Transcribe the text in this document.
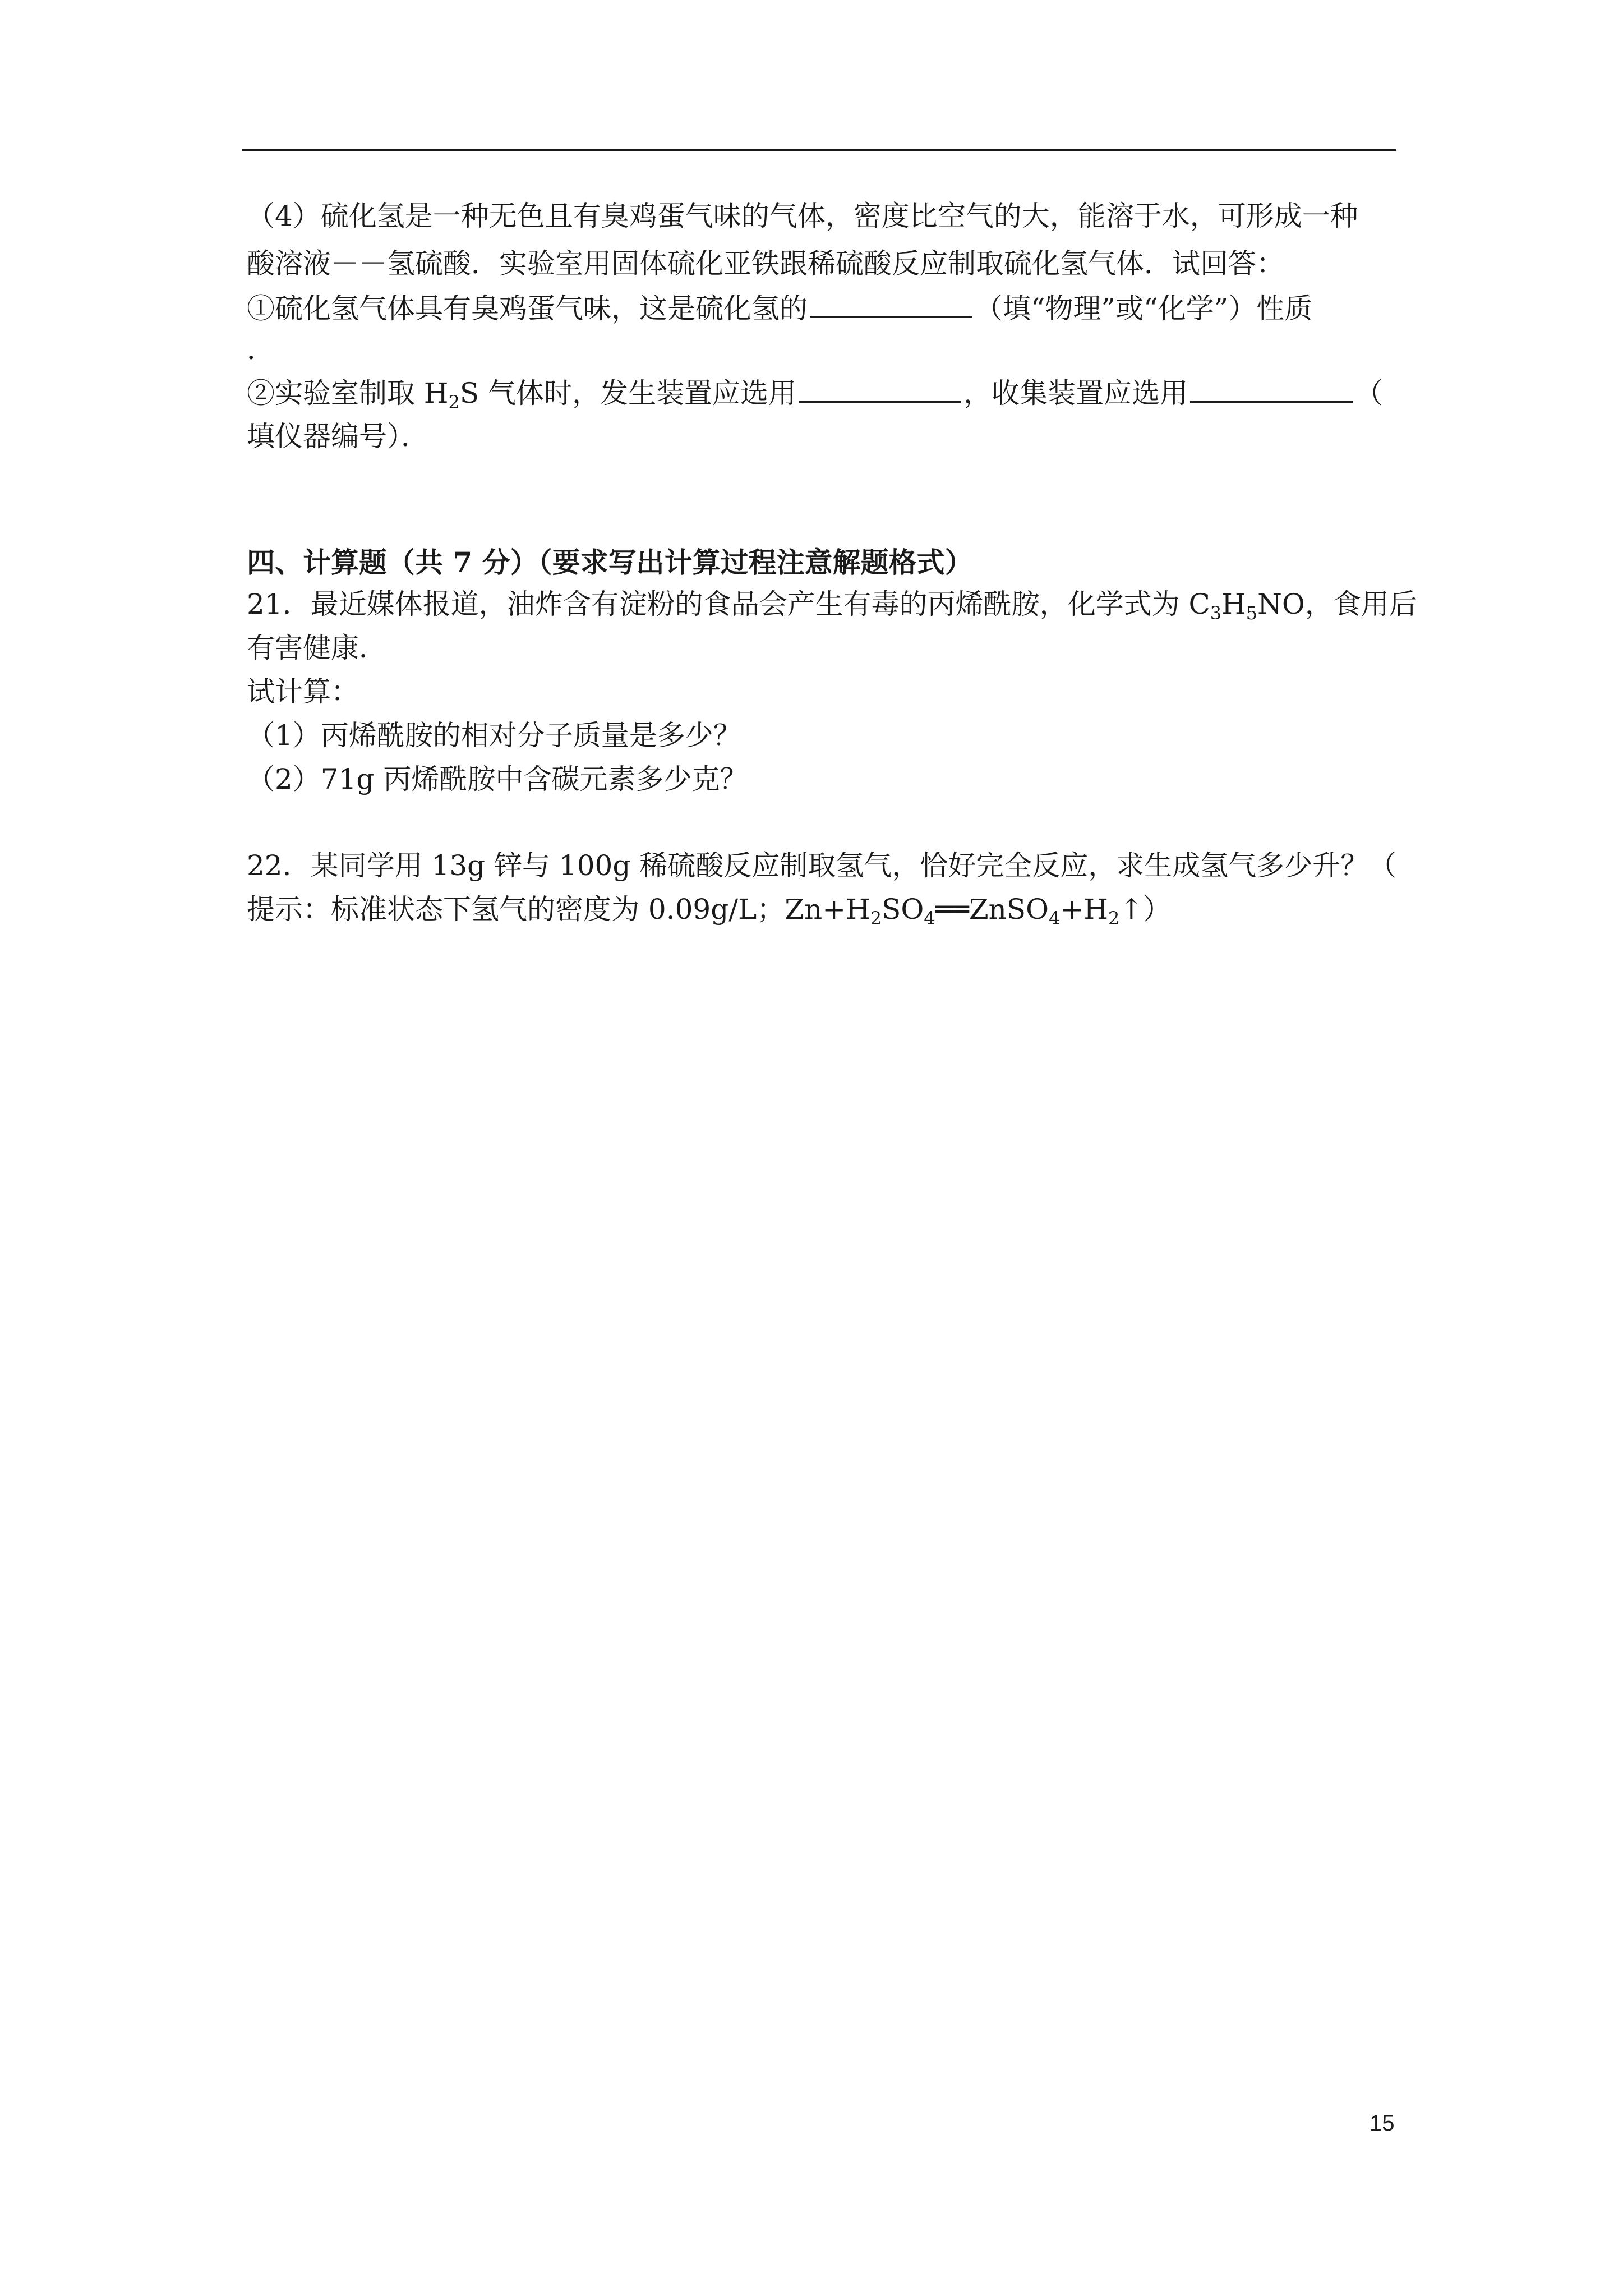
（4）硫化氢是一种无色且有臭鸡蛋气味的气体，密度比空气的大，能溶于水，可形成一种
酸溶液－－氢硫酸．实验室用固体硫化亚铁跟稀硫酸反应制取硫化氢气体．试回答：
①硫化氢气体具有臭鸡蛋气味，这是硫化氢的	（填“物理”或“化学”）性质
．
②实验室制取 $H_2S$ 气体时，发生装置应选用	，收集装置应选用	（
填仪器编号）．
四、计算题（共 7 分）（要求写出计算过程注意解题格式）
21．最近媒体报道，油炸含有淀粉的食品会产生有毒的丙烯酰胺，化学式为 $C_3H_5NO$，食用后
有害健康．
试计算：
（1）丙烯酰胺的相对分子质量是多少？
（2）71g 丙烯酰胺中含碳元素多少克？
22．某同学用 13g 锌与 100g 稀硫酸反应制取氢气，恰好完全反应，求生成氢气多少升？（
提示：标准状态下氢气的密度为 0.09g/L；$Zn+H_2SO_4══ZnSO_4+H_2↑$）
15
